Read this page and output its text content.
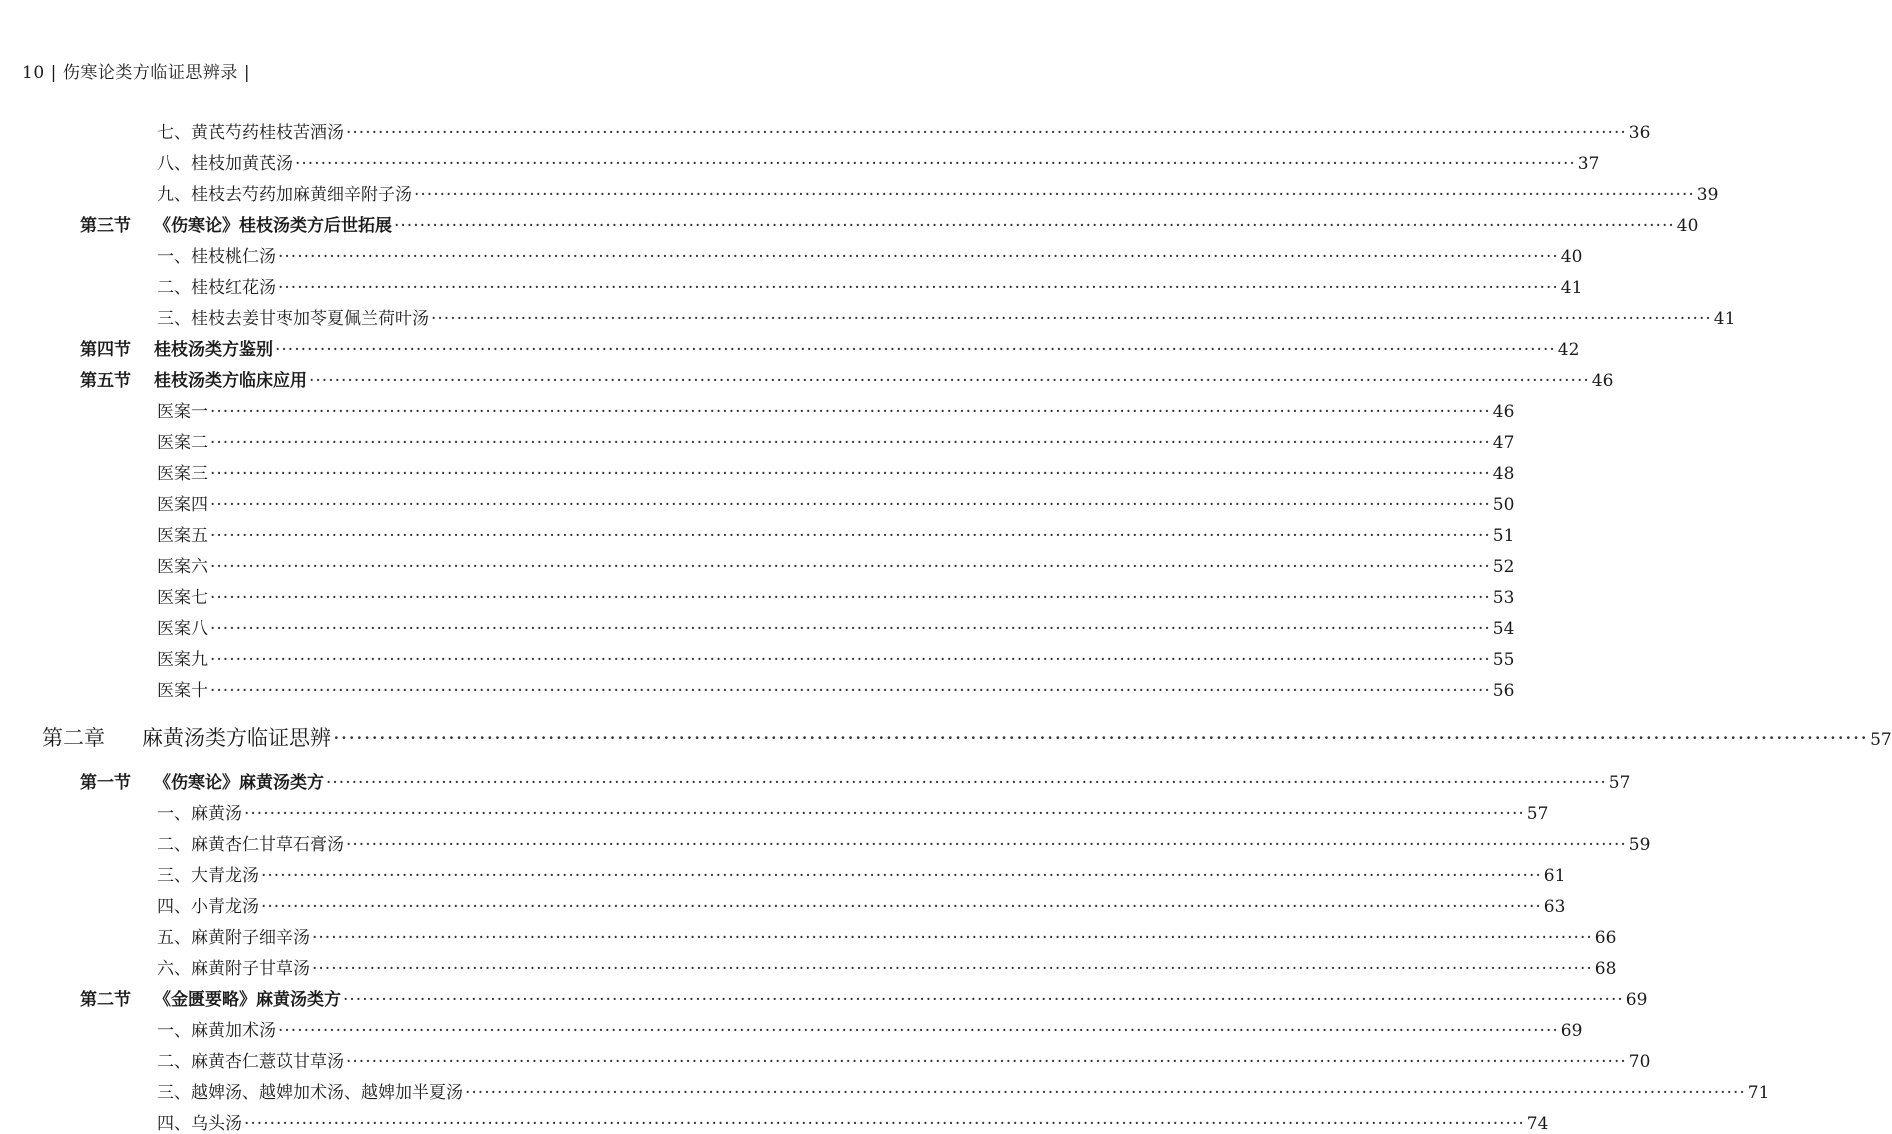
10 | 伤寒论类方临证思辨录 |
七、黄芪芍药桂枝苦酒汤 ········································································································································································································ 36
八、桂枝加黄芪汤 ········································································································································································································ 37
九、桂枝去芍药加麻黄细辛附子汤 ········································································································································································································ 39
第三节 《伤寒论》桂枝汤类方后世拓展 ········································································································································································································ 40
一、桂枝桃仁汤 ········································································································································································································ 40
二、桂枝红花汤 ········································································································································································································ 41
三、桂枝去姜甘枣加苓夏佩兰荷叶汤 ········································································································································································································ 41
第四节 桂枝汤类方鉴别 ········································································································································································································ 42
第五节 桂枝汤类方临床应用 ········································································································································································································ 46
医案一 ········································································································································································································ 46
医案二 ········································································································································································································ 47
医案三 ········································································································································································································ 48
医案四 ········································································································································································································ 50
医案五 ········································································································································································································ 51
医案六 ········································································································································································································ 52
医案七 ········································································································································································································ 53
医案八 ········································································································································································································ 54
医案九 ········································································································································································································ 55
医案十 ········································································································································································································ 56
第二章 麻黄汤类方临证思辨 ········································································································································································································ 57
第一节 《伤寒论》麻黄汤类方 ········································································································································································································ 57
一、麻黄汤 ········································································································································································································ 57
二、麻黄杏仁甘草石膏汤 ········································································································································································································ 59
三、大青龙汤 ········································································································································································································ 61
四、小青龙汤 ········································································································································································································ 63
五、麻黄附子细辛汤 ········································································································································································································ 66
六、麻黄附子甘草汤 ········································································································································································································ 68
第二节 《金匮要略》麻黄汤类方 ········································································································································································································ 69
一、麻黄加术汤 ········································································································································································································ 69
二、麻黄杏仁薏苡甘草汤 ········································································································································································································ 70
三、越婢汤、越婢加术汤、越婢加半夏汤 ········································································································································································································ 71
四、乌头汤 ········································································································································································································ 74
